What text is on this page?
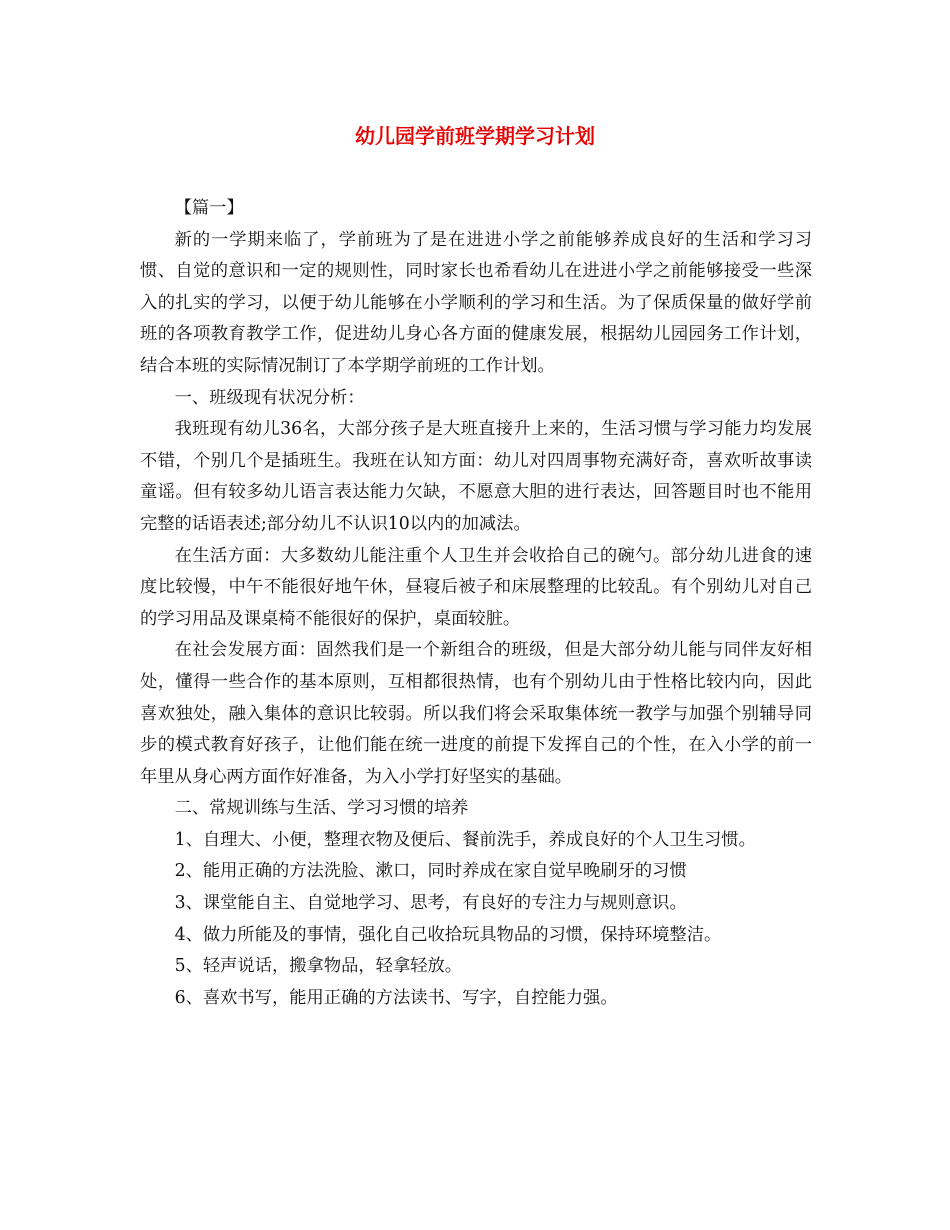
幼儿园学前班学期学习计划

【篇一】

新的一学期来临了，学前班为了是在进进小学之前能够养成良好的生活和学习习惯、自觉的意识和一定的规则性，同时家长也希看幼儿在进进小学之前能够接受一些深入的扎实的学习，以便于幼儿能够在小学顺利的学习和生活。为了保质保量的做好学前班的各项教育教学工作，促进幼儿身心各方面的健康发展，根据幼儿园园务工作计划，结合本班的实际情况制订了本学期学前班的工作计划。

一、班级现有状况分析：

我班现有幼儿36名，大部分孩子是大班直接升上来的，生活习惯与学习能力均发展不错，个别几个是插班生。我班在认知方面：幼儿对四周事物充满好奇，喜欢听故事读童谣。但有较多幼儿语言表达能力欠缺，不愿意大胆的进行表达，回答题目时也不能用完整的话语表述;部分幼儿不认识10以内的加减法。

在生活方面：大多数幼儿能注重个人卫生并会收拾自己的碗勺。部分幼儿进食的速度比较慢，中午不能很好地午休，昼寝后被子和床展整理的比较乱。有个别幼儿对自己的学习用品及课桌椅不能很好的保护，桌面较脏。

在社会发展方面：固然我们是一个新组合的班级，但是大部分幼儿能与同伴友好相处，懂得一些合作的基本原则，互相都很热情，也有个别幼儿由于性格比较内向，因此喜欢独处，融入集体的意识比较弱。所以我们将会采取集体统一教学与加强个别辅导同步的模式教育好孩子，让他们能在统一进度的前提下发挥自己的个性，在入小学的前一年里从身心两方面作好准备，为入小学打好坚实的基础。

二、常规训练与生活、学习习惯的培养

1、自理大、小便，整理衣物及便后、餐前洗手，养成良好的个人卫生习惯。

2、能用正确的方法洗脸、漱口，同时养成在家自觉早晚刷牙的习惯

3、课堂能自主、自觉地学习、思考，有良好的专注力与规则意识。

4、做力所能及的事情，强化自己收拾玩具物品的习惯，保持环境整洁。

5、轻声说话，搬拿物品，轻拿轻放。

6、喜欢书写，能用正确的方法读书、写字，自控能力强。
